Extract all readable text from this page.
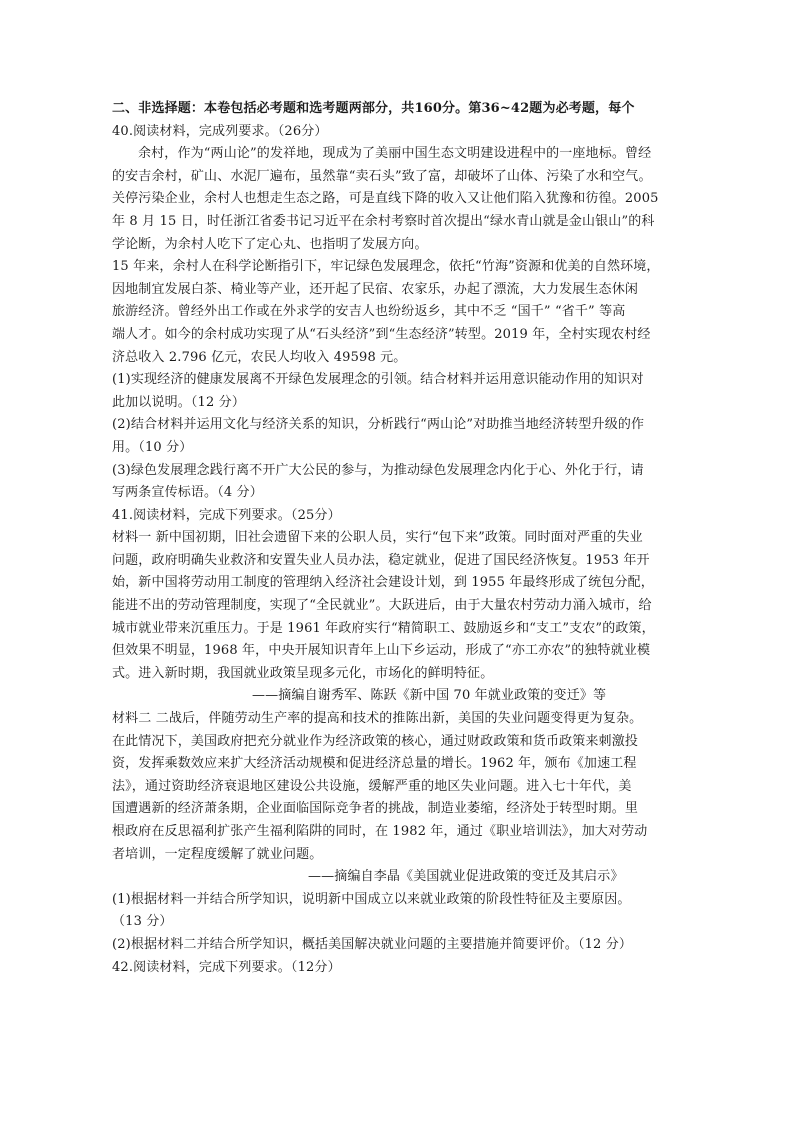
二、非选择题：本卷包括必考题和选考题两部分，共160分。第36~42题为必考题，每个
40.阅读材料，完成列要求。（26分）
余村，作为“两山论”的发祥地，现成为了美丽中国生态文明建设进程中的一座地标。曾经
的安吉余村，矿山、水泥厂遍布，虽然靠“卖石头”致了富，却破坏了山体、污染了水和空气。
关停污染企业，余村人也想走生态之路，可是直线下降的收入又让他们陷入犹豫和彷徨。2005
年 8 月 15 日，时任浙江省委书记习近平在余村考察时首次提出“绿水青山就是金山银山”的科
学论断，为余村人吃下了定心丸、也指明了发展方向。
15 年来，余村人在科学论断指引下，牢记绿色发展理念，依托“竹海”资源和优美的自然环境，
因地制宜发展白茶、椅业等产业，还开起了民宿、农家乐，办起了漂流，大力发展生态休闲
旅游经济。曾经外出工作或在外求学的安吉人也纷纷返乡，其中不乏 “国千” “省千” 等高
端人才。如今的余村成功实现了从“石头经济”到“生态经济”转型。2019 年，全村实现农村经
济总收入 2.796 亿元，农民人均收入 49598 元。
(1)实现经济的健康发展离不开绿色发展理念的引领。结合材料并运用意识能动作用的知识对
此加以说明。（12 分）
(2)结合材料并运用文化与经济关系的知识，分析践行“两山论”对助推当地经济转型升级的作
用。（10 分）
(3)绿色发展理念践行离不开广大公民的参与，为推动绿色发展理念内化于心、外化于行，请
写两条宣传标语。（4 分）
41.阅读材料，完成下列要求。（25分）
材料一 新中国初期，旧社会遗留下来的公职人员，实行“包下来”政策。同时面对严重的失业
问题，政府明确失业救济和安置失业人员办法，稳定就业，促进了国民经济恢复。1953 年开
始，新中国将劳动用工制度的管理纳入经济社会建设计划，到 1955 年最终形成了统包分配，
能进不出的劳动管理制度，实现了“全民就业”。大跃进后，由于大量农村劳动力涌入城市，给
城市就业带来沉重压力。于是 1961 年政府实行“精简职工、鼓励返乡和“支工”支农”的政策，
但效果不明显，1968 年，中央开展知识青年上山下乡运动，形成了“亦工亦农”的独特就业模
式。进入新时期，我国就业政策呈现多元化，市场化的鲜明特征。
——摘编自谢秀军、陈跃《新中国 70 年就业政策的变迁》等
材料二 二战后，伴随劳动生产率的提高和技术的推陈出新，美国的失业问题变得更为复杂。
在此情况下，美国政府把充分就业作为经济政策的核心，通过财政政策和货币政策来刺激投
资，发挥乘数效应来扩大经济活动规模和促进经济总量的增长。1962 年，颁布《加速工程
法》，通过资助经济衰退地区建设公共设施，缓解严重的地区失业问题。进入七十年代，美
国遭遇新的经济萧条期，企业面临国际竞争者的挑战，制造业萎缩，经济处于转型时期。里
根政府在反思福利扩张产生福利陷阱的同时，在 1982 年，通过《职业培训法》，加大对劳动
者培训，一定程度缓解了就业问题。
——摘编自李晶《美国就业促进政策的变迁及其启示》
(1)根据材料一并结合所学知识，说明新中国成立以来就业政策的阶段性特征及主要原因。
（13 分）
(2)根据材料二并结合所学知识，概括美国解决就业问题的主要措施并简要评价。（12 分）
42.阅读材料，完成下列要求。（12分）
